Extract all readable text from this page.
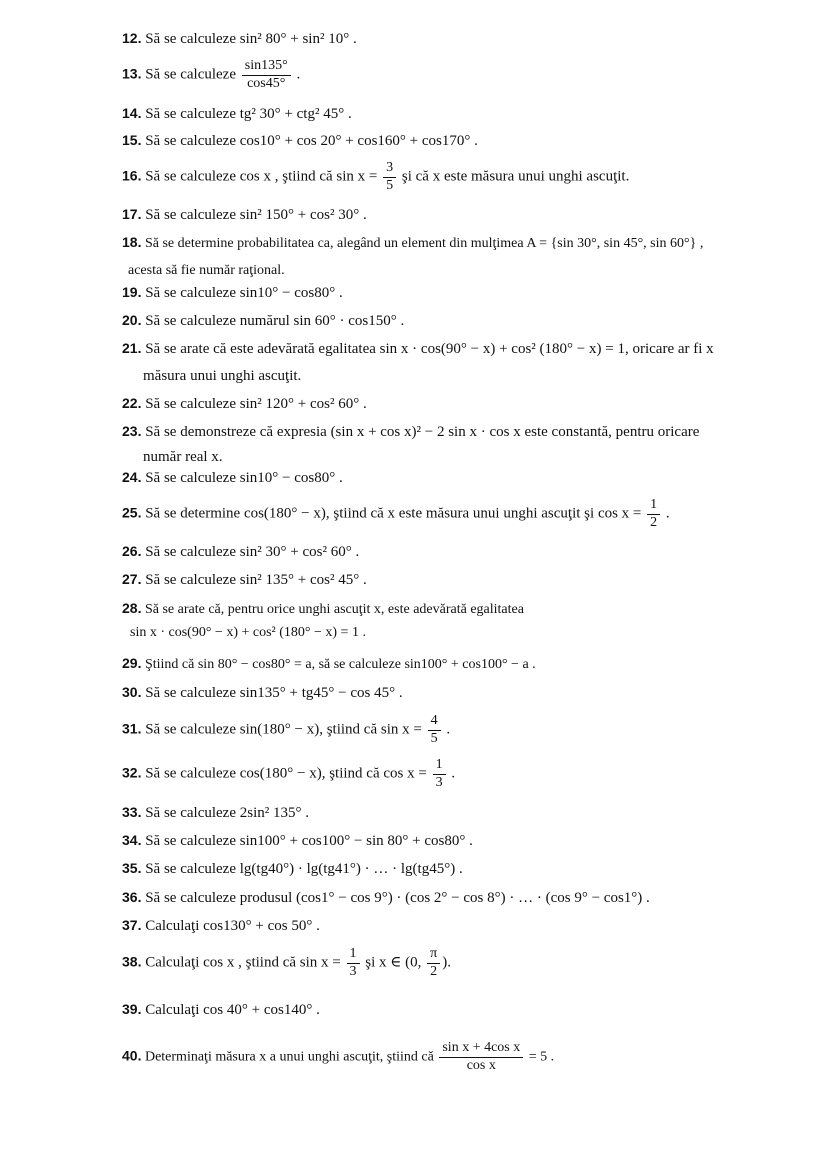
12. Să se calculeze sin² 80° + sin² 10° .
13. Să se calculeze $\frac{\sin 135^\circ}{\cos 45^\circ}$ .
14. Să se calculeze tg² 30° + ctg² 45° .
15. Să se calculeze cos10° + cos 20° + cos160° + cos170° .
16. Să se calculeze cos x , ştiind că $\sin x = \frac{3}{5}$ şi că x este măsura unui unghi ascuţit.
17. Să se calculeze sin² 150° + cos² 30° .
18. Să se determine probabilitatea ca, alegând un element din mulţimea A = {sin 30°, sin 45°, sin 60°} ,
acesta să fie număr raţional.
19. Să se calculeze sin10° − cos80° .
20. Să se calculeze numărul sin 60° · cos150° .
21. Să se arate că este adevărată egalitatea sin x · cos(90° − x) + cos² (180° − x) = 1, oricare ar fi x
măsura unui unghi ascuţit.
22. Să se calculeze sin² 120° + cos² 60° .
23. Să se demonstreze că expresia (sin x + cos x)² − 2 sin x · cos x este constantă, pentru oricare
număr real x.
24. Să se calculeze sin10° − cos80° .
25. Să se determine cos(180° − x), ştiind că x este măsura unui unghi ascuţit şi $\cos x = \frac{1}{2}$ .
26. Să se calculeze sin² 30° + cos² 60° .
27. Să se calculeze sin² 135° + cos² 45° .
28. Să se arate că, pentru orice unghi ascuţit x, este adevărată egalitatea
sin x · cos(90° − x) + cos² (180° − x) = 1 .
29. Ştiind că sin 80° − cos80° = a, să se calculeze sin100° + cos100° − a .
30. Să se calculeze sin135° + tg45° − cos 45° .
31. Să se calculeze sin(180° − x), ştiind că $\sin x = \frac{4}{5}$ .
32. Să se calculeze cos(180° − x), ştiind că $\cos x = \frac{1}{3}$ .
33. Să se calculeze 2sin² 135° .
34. Să se calculeze sin100° + cos100° − sin 80° + cos80° .
35. Să se calculeze lg(tg40°) · lg(tg41°) · … · lg(tg45°) .
36. Să se calculeze produsul (cos1° − cos 9°) · (cos 2° − cos 8°) · … · (cos 9° − cos1°) .
37. Calculaţi cos130° + cos 50° .
38. Calculaţi cos x , ştiind că $\sin x = \frac{1}{3}$ şi x ∈ (0, $\frac{\pi}{2}$ ).
39. Calculaţi cos 40° + cos140° .
40. Determinaţi măsura x a unui unghi ascuţit, ştiind că $\frac{\text{sin x + 4cos x}}{\text{cos x}} = 5$ .
